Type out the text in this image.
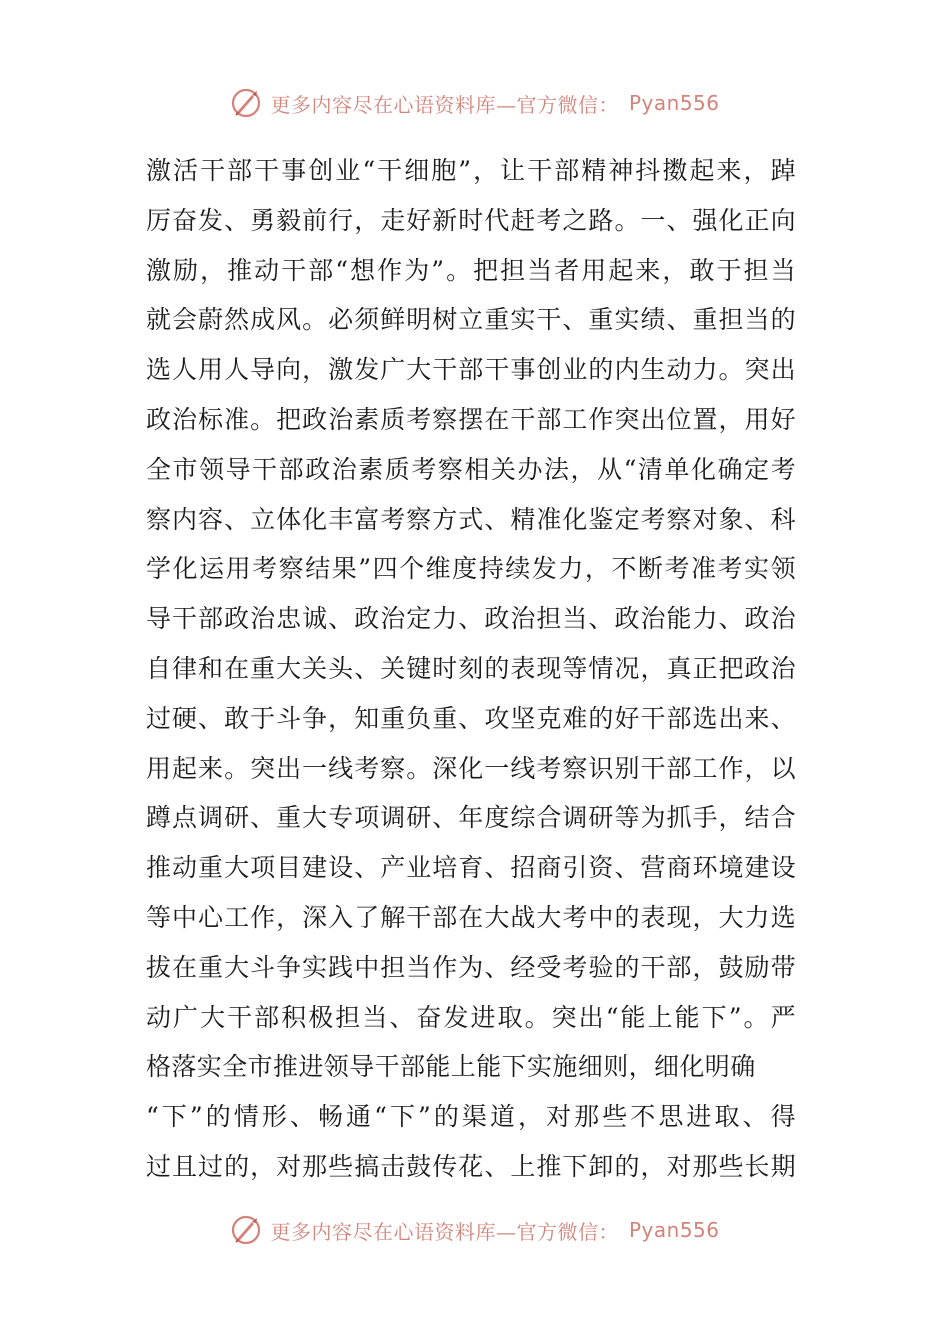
更多内容尽在心语资料库—官方微信： Pyan556
激活干部干事创业“干细胞”，让干部精神抖擞起来，踔
厉奋发、勇毅前行，走好新时代赶考之路。一、强化正向
激励，推动干部“想作为”。把担当者用起来，敢于担当
就会蔚然成风。必须鲜明树立重实干、重实绩、重担当的
选人用人导向，激发广大干部干事创业的内生动力。突出
政治标准。把政治素质考察摆在干部工作突出位置，用好
全市领导干部政治素质考察相关办法，从“清单化确定考
察内容、立体化丰富考察方式、精准化鉴定考察对象、科
学化运用考察结果”四个维度持续发力，不断考准考实领
导干部政治忠诚、政治定力、政治担当、政治能力、政治
自律和在重大关头、关键时刻的表现等情况，真正把政治
过硬、敢于斗争，知重负重、攻坚克难的好干部选出来、
用起来。突出一线考察。深化一线考察识别干部工作，以
蹲点调研、重大专项调研、年度综合调研等为抓手，结合
推动重大项目建设、产业培育、招商引资、营商环境建设
等中心工作，深入了解干部在大战大考中的表现，大力选
拔在重大斗争实践中担当作为、经受考验的干部，鼓励带
动广大干部积极担当、奋发进取。突出“能上能下”。严
格落实全市推进领导干部能上能下实施细则，细化明确
“下”的情形、畅通“下”的渠道，对那些不思进取、得
过且过的，对那些搞击鼓传花、上推下卸的，对那些长期
更多内容尽在心语资料库—官方微信： Pyan556
